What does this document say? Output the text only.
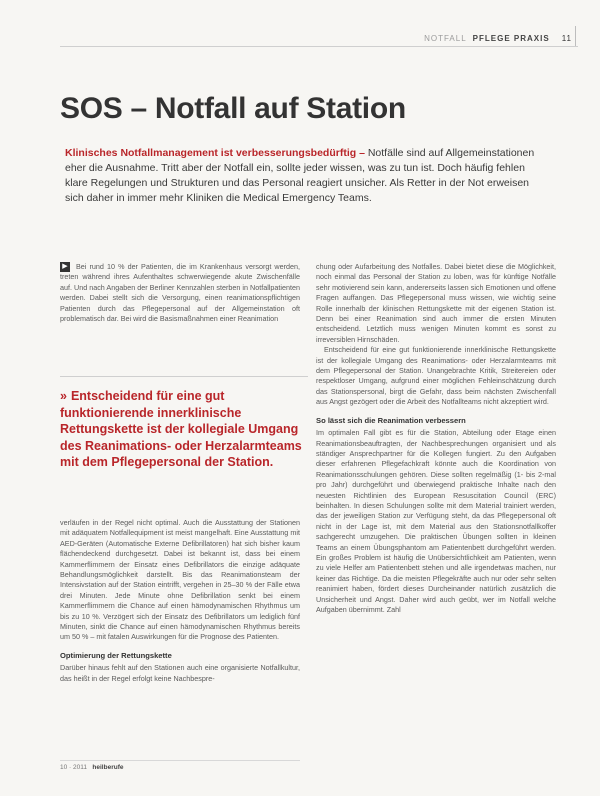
NOTFALL PFLEGE PRAXIS 11
SOS – Notfall auf Station
Klinisches Notfallmanagement ist verbesserungsbedürftig – Notfälle sind auf Allgemeinstationen eher die Ausnahme. Tritt aber der Notfall ein, sollte jeder wissen, was zu tun ist. Doch häufig fehlen klare Regelungen und Strukturen und das Personal reagiert unsicher. Als Retter in der Not erweisen sich daher in immer mehr Kliniken die Medical Emergency Teams.

▶ Bei rund 10 % der Patienten, die im Krankenhaus versorgt werden, treten während ihres Aufenthaltes schwerwiegende akute Zwischenfälle auf. Und nach Angaben der Berliner Kennzahlen sterben in Notfallpatienten werden. Dabei stellt sich die Versorgung, einen reanimationspflichtigen Patienten durch das Pflegepersonal auf der Allgemeinstation oft problematisch dar. Bei wird die Basismaßnahmen einer Reanimation

» Entscheidend für eine gut funktionierende innerklinische Rettungskette ist der kollegiale Umgang des Reanimations- oder Herzalarmteams mit dem Pflegepersonal der Station.

verläufen in der Regel nicht optimal. Auch die Ausstattung der Stationen mit adäquatem Notfallequipment ist meist mangelhaft. Eine Ausstattung mit AED-Geräten (Automatische Externe Defibrillatoren) hat sich bisher kaum flächendeckend durchgesetzt. Dabei ist bekannt ist, dass bei einem Kammerflimmern der Einsatz eines Defibrillators die einzige adäquate Behandlungsmöglichkeit darstellt. Bis das Reanimationsteam der Intensivstation auf der Station eintrifft, vergehen in 25–30 % der Fälle etwa drei Minuten. Jede Minute ohne Defibrillation senkt bei einem Kammerflimmern die Chance auf einen hämodynamischen Rhythmus um bis zu 10 %. Verzögert sich der Einsatz des Defibrillators um lediglich fünf Minuten, sinkt die Chance auf einen hämodynamischen Rhythmus bereits um 50 % – mit fatalen Auswirkungen für die Prognose des Patienten.

Optimierung der Rettungskette

Darüber hinaus fehlt auf den Stationen auch eine organisierte Notfallkultur, das heißt in der Regel erfolgt keine Nachbespre-

chung oder Aufarbeitung des Notfalles. Dabei bietet diese die Möglichkeit, noch einmal das Personal der Station zu loben, was für künftige Notfälle sehr motivierend sein kann, andererseits lassen sich Emotionen und offene Fragen auffangen. Das Pflegepersonal muss wissen, wie wichtig seine Rolle innerhalb der klinischen Rettungskette mit der eigenen Station ist. Denn bei einer Reanimation sind auch immer die ersten Minuten entscheidend. Letztlich muss wenigen Minuten kommt es sonst zu irreversiblen Hirnschäden.

Entscheidend für eine gut funktionierende innerklinische Rettungskette ist der kollegiale Umgang des Reanimations- oder Herzalarmteams mit dem Pflegepersonal der Station. Unangebrachte Kritik, Streitereien oder respektloser Umgang, aufgrund einer möglichen Fehleinschätzung durch das Stationspersonal, birgt die Gefahr, dass beim nächsten Zwischenfall aus Angst gezögert oder die Arbeit des Notfallteams nicht akzeptiert wird.

So lässt sich die Reanimation verbessern

Im optimalen Fall gibt es für die Station, Abteilung oder Etage einen Reanimationsbeauftragten, der Nachbesprechungen organisiert und als ständiger Ansprechpartner für die Kollegen fungiert. Zu den Aufgaben dieser erfahrenen Pflegefachkraft könnte auch die Koordination von Reanimationsschulungen gehören. Diese sollten regelmäßig (1- bis 2-mal pro Jahr) durchgeführt und überwiegend praktische Inhalte nach den neuesten Richtlinien des European Resuscitation Council (ERC) beinhalten. In diesen Schulungen sollte mit dem Material trainiert werden, das der jeweiligen Station zur Verfügung steht, da das Pflegepersonal oft nicht in der Lage ist, mit dem Material aus den Stationsnotfallkoffer sachgerecht umzugehen. Die praktischen Übungen sollten in kleinen Teams an einem Übungsphantom am Patientenbett durchgeführt werden. Ein großes Problem ist häufig die Unübersichtlichkeit am Patienten, wenn zu viele Helfer am Patientenbett stehen und alle irgendetwas machen, nur keiner das Richtige. Da die meisten Pflegekräfte auch nur oder sehr selten reanimiert haben, fördert dieses Durcheinander natürlich zusätzlich die Unsicherheit und Angst. Daher wird auch geübt, wer im Notfall welche Aufgaben übernimmt. Zahl

10 · 2011 heilberufe
